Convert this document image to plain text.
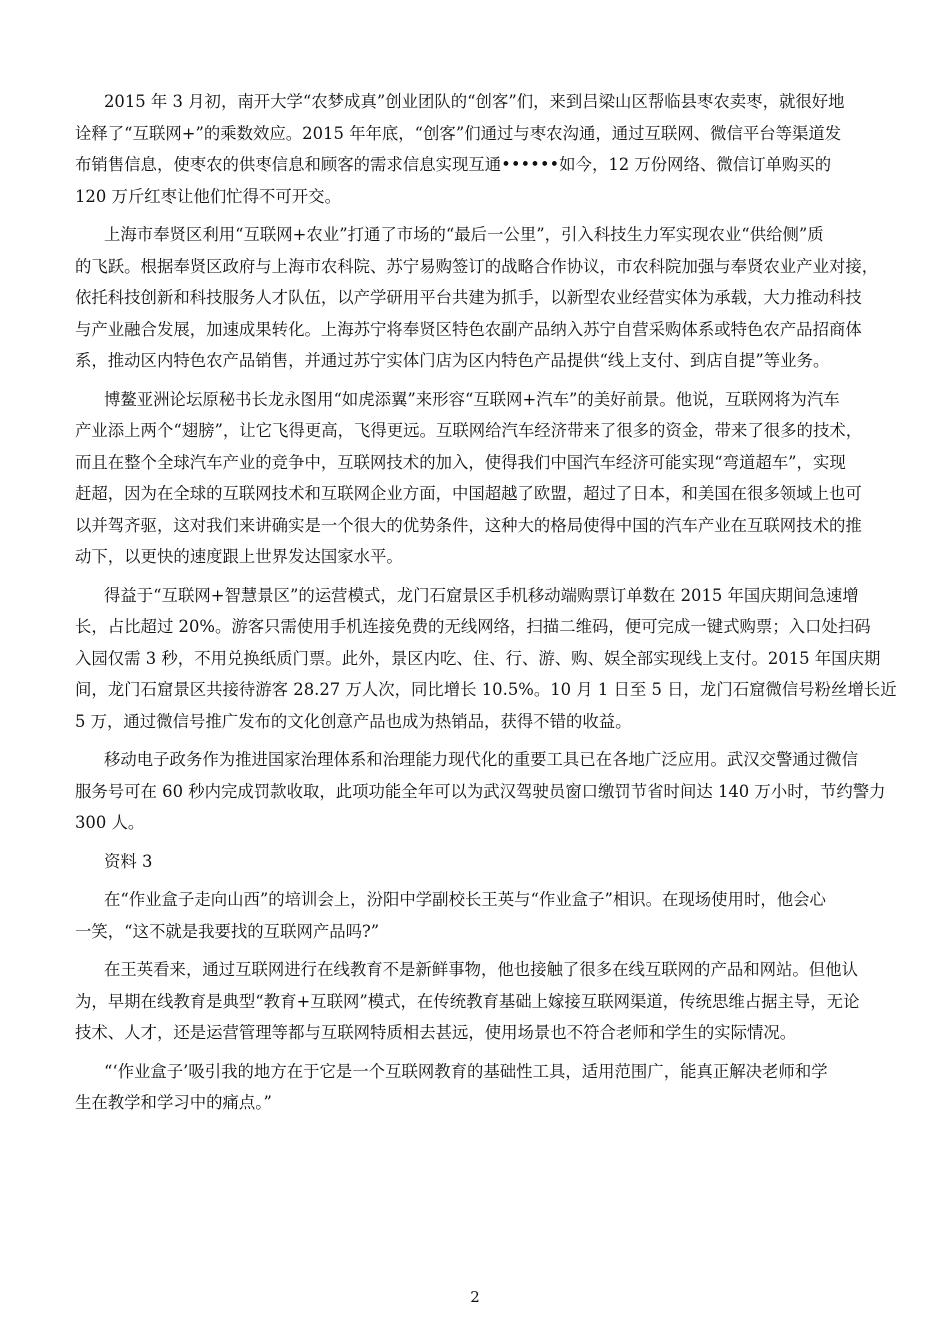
2015 年 3 月初，南开大学“农梦成真”创业团队的“创客”们，来到吕梁山区帮临县枣农卖枣，就很好地
诠释了“互联网+”的乘数效应。2015 年年底，“创客”们通过与枣农沟通，通过互联网、微信平台等渠道发
布销售信息，使枣农的供枣信息和顾客的需求信息实现互通••••••如今，12 万份网络、微信订单购买的
120 万斤红枣让他们忙得不可开交。
上海市奉贤区利用“互联网+农业”打通了市场的“最后一公里”，引入科技生力军实现农业“供给侧”质
的飞跃。根据奉贤区政府与上海市农科院、苏宁易购签订的战略合作协议，市农科院加强与奉贤农业产业对接，
依托科技创新和科技服务人才队伍，以产学研用平台共建为抓手，以新型农业经营实体为承载，大力推动科技
与产业融合发展，加速成果转化。上海苏宁将奉贤区特色农副产品纳入苏宁自营采购体系或特色农产品招商体
系，推动区内特色农产品销售，并通过苏宁实体门店为区内特色产品提供“线上支付、到店自提”等业务。
博鳌亚洲论坛原秘书长龙永图用“如虎添翼”来形容“互联网+汽车”的美好前景。他说，互联网将为汽车
产业添上两个“翅膀”，让它飞得更高，飞得更远。互联网给汽车经济带来了很多的资金，带来了很多的技术，
而且在整个全球汽车产业的竞争中，互联网技术的加入，使得我们中国汽车经济可能实现“弯道超车”，实现
赶超，因为在全球的互联网技术和互联网企业方面，中国超越了欧盟，超过了日本，和美国在很多领域上也可
以并驾齐驱，这对我们来讲确实是一个很大的优势条件，这种大的格局使得中国的汽车产业在互联网技术的推
动下，以更快的速度跟上世界发达国家水平。
得益于“互联网+智慧景区”的运营模式，龙门石窟景区手机移动端购票订单数在 2015 年国庆期间急速增
长，占比超过 20%。游客只需使用手机连接免费的无线网络，扫描二维码，便可完成一键式购票；入口处扫码
入园仅需 3 秒，不用兑换纸质门票。此外，景区内吃、住、行、游、购、娱全部实现线上支付。2015 年国庆期
间，龙门石窟景区共接待游客 28.27 万人次，同比增长 10.5%。10 月 1 日至 5 日，龙门石窟微信号粉丝增长近
5 万，通过微信号推广发布的文化创意产品也成为热销品，获得不错的收益。
移动电子政务作为推进国家治理体系和治理能力现代化的重要工具已在各地广泛应用。武汉交警通过微信
服务号可在 60 秒内完成罚款收取，此项功能全年可以为武汉驾驶员窗口缴罚节省时间达 140 万小时，节约警力
300 人。
资料 3
在“作业盒子走向山西”的培训会上，汾阳中学副校长王英与“作业盒子”相识。在现场使用时，他会心
一笑，“这不就是我要找的互联网产品吗?”
在王英看来，通过互联网进行在线教育不是新鲜事物，他也接触了很多在线互联网的产品和网站。但他认
为，早期在线教育是典型“教育+互联网”模式，在传统教育基础上嫁接互联网渠道，传统思维占据主导，无论
技术、人才，还是运营管理等都与互联网特质相去甚远，使用场景也不符合老师和学生的实际情况。
“‘作业盒子’吸引我的地方在于它是一个互联网教育的基础性工具，适用范围广，能真正解决老师和学
生在教学和学习中的痛点。”
2
